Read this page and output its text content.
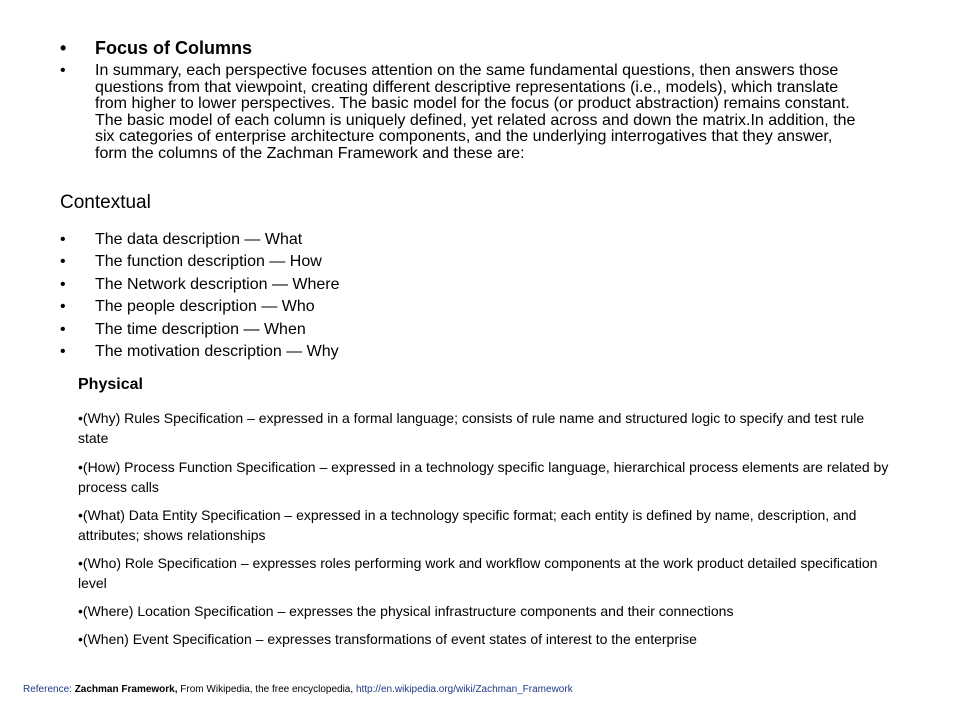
•	Focus of Columns
•	In summary, each perspective focuses attention on the same fundamental questions, then answers those questions from that viewpoint, creating different descriptive representations (i.e., models), which translate from higher to lower perspectives. The basic model for the focus (or product abstraction) remains constant. The basic model of each column is uniquely defined, yet related across and down the matrix.In addition, the six categories of enterprise architecture components, and the underlying interrogatives that they answer, form the columns of the Zachman Framework and these are:
Contextual
•	The data description — What
•	The function description — How
•	The Network description — Where
•	The people description — Who
•	The time description — When
•	The motivation description — Why
Physical
•(Why) Rules Specification – expressed in a formal language; consists of rule name and structured logic to specify and test rule state
•(How) Process Function Specification – expressed in a technology specific language, hierarchical process elements are related by process calls
•(What) Data Entity Specification – expressed in a technology specific format; each entity is defined by name, description, and attributes; shows relationships
•(Who) Role Specification – expresses roles performing work and workflow components at the work product detailed specification level
•(Where) Location Specification – expresses the physical infrastructure components and their connections
•(When) Event Specification – expresses transformations of event states of interest to the enterprise
Reference: Zachman Framework, From Wikipedia, the free encyclopedia, http://en.wikipedia.org/wiki/Zachman_Framework
